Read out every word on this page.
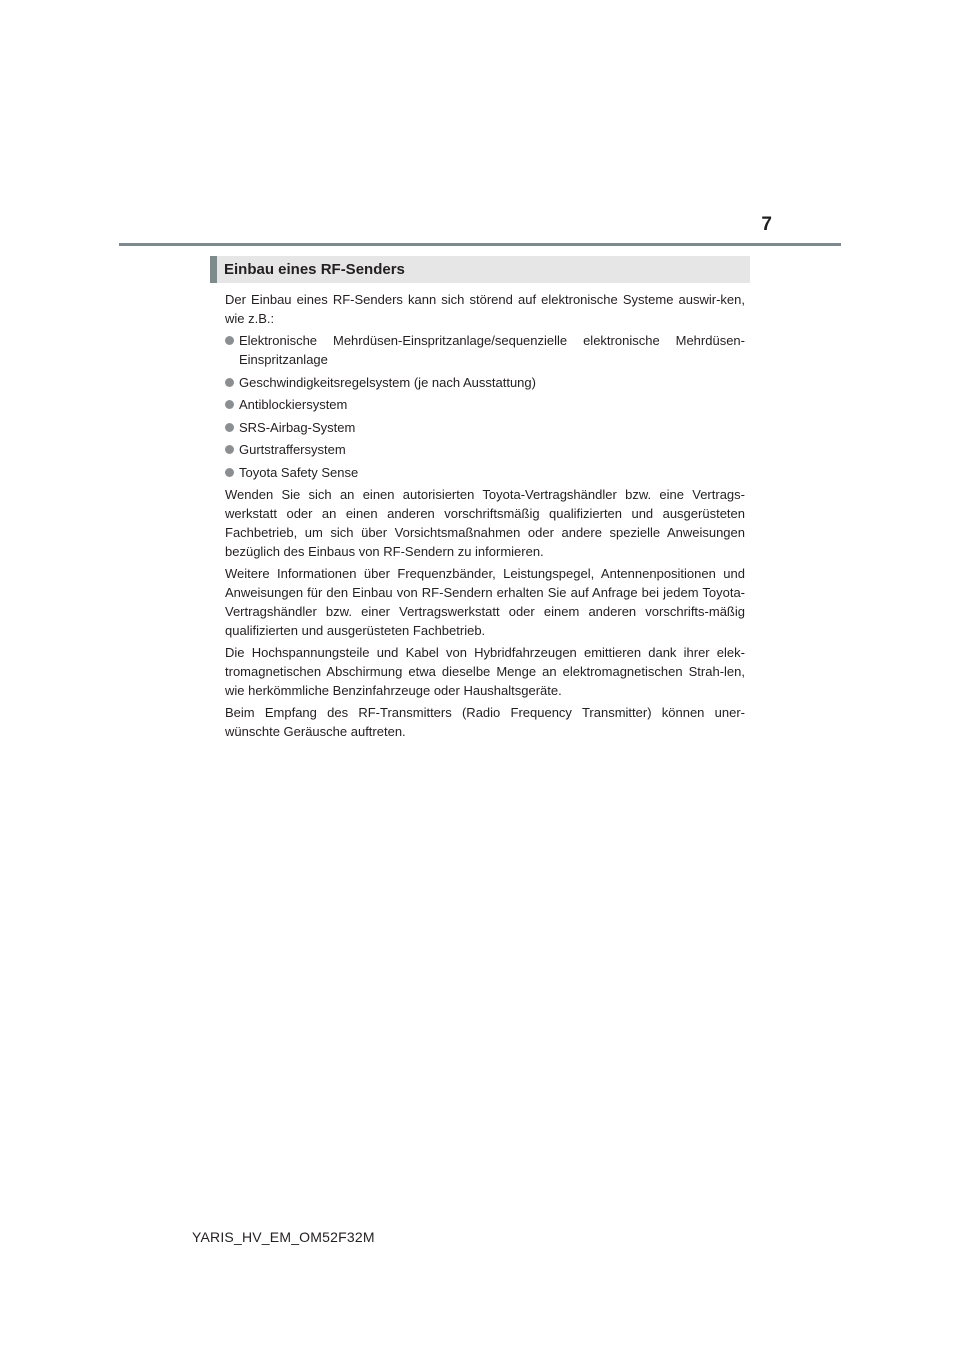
7
Einbau eines RF-Senders

Der Einbau eines RF-Senders kann sich störend auf elektronische Systeme auswir-ken, wie z.B.:

Elektronische Mehrdüsen-Einspritzanlage/sequenzielle elektronische Mehrdüsen-Einspritzanlage
Geschwindigkeitsregelsystem (je nach Ausstattung)
Antiblockiersystem
SRS-Airbag-System
Gurtstraffersystem
Toyota Safety Sense

Wenden Sie sich an einen autorisierten Toyota-Vertragshändler bzw. eine Vertrags-werkstatt oder an einen anderen vorschriftsmäßig qualifizierten und ausgerüsteten Fachbetrieb, um sich über Vorsichtsmaßnahmen oder andere spezielle Anweisungen bezüglich des Einbaus von RF-Sendern zu informieren.

Weitere Informationen über Frequenzbänder, Leistungspegel, Antennenpositionen und Anweisungen für den Einbau von RF-Sendern erhalten Sie auf Anfrage bei jedem Toyota-Vertragshändler bzw. einer Vertragswerkstatt oder einem anderen vorschrifts-mäßig qualifizierten und ausgerüsteten Fachbetrieb.

Die Hochspannungsteile und Kabel von Hybridfahrzeugen emittieren dank ihrer elek-tromagnetischen Abschirmung etwa dieselbe Menge an elektromagnetischen Strah-len, wie herkömmliche Benzinfahrzeuge oder Haushaltsgeräte.

Beim Empfang des RF-Transmitters (Radio Frequency Transmitter) können uner-wünschte Geräusche auftreten.

YARIS_HV_EM_OM52F32M
